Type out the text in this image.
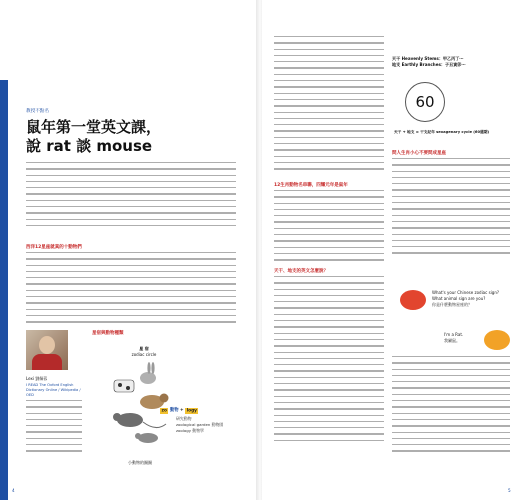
教授不點名
鼠年第一堂英文課，
說 rat 談 mouse
西洋12星座就真的十動物們
星宿與動物種類
Lexi 劉佩蓉
I READ The Oxford English Dictionary Online / Wikipedia / OED
星 宿
zodiac circle
小動物的圈圈
zo 動物 + logy
研究動物
zoological garden 動物園
zoology 動物學
4
12生肖動物名串聯，四耀元年是鼠年
天干、地支的英文怎麼說？
天干 Heavenly Stems：甲乙丙丁⋯
地支 Earthly Branches：子丑寅卯⋯
60
天干 + 地支 = 干支紀年 sexagenary cycle (60週期)
問人生肖小心不要問成星座
What's your Chinese zodiac sign?
What animal sign are you?
你是什麼動物星座的？
I'm a Rat.
我屬鼠。
5
